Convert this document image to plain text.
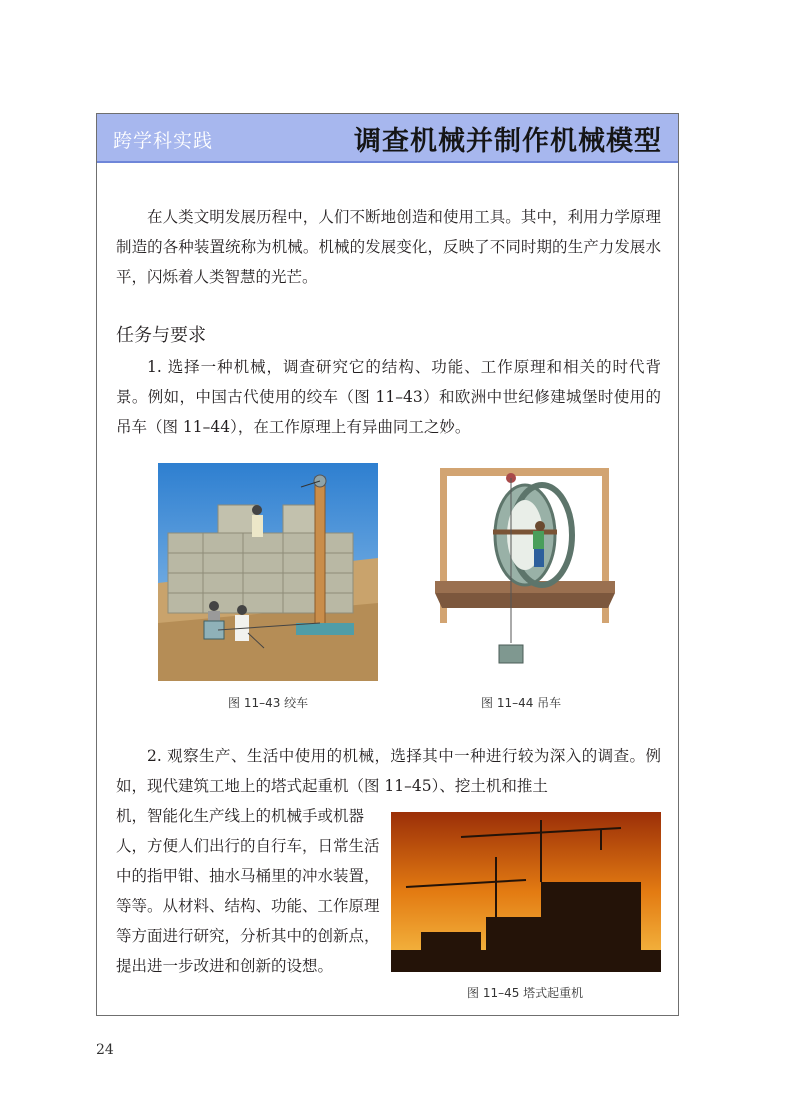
跨学科实践	调查机械并制作机械模型
在人类文明发展历程中，人们不断地创造和使用工具。其中，利用力学原理制造的各种装置统称为机械。机械的发展变化，反映了不同时期的生产力发展水平，闪烁着人类智慧的光芒。
任务与要求
1. 选择一种机械，调查研究它的结构、功能、工作原理和相关的时代背景。例如，中国古代使用的绞车（图 11–43）和欧洲中世纪修建城堡时使用的吊车（图 11–44），在工作原理上有异曲同工之妙。
图 11–43 绞车	图 11–44 吊车
2. 观察生产、生活中使用的机械，选择其中一种进行较为深入的调查。例如，现代建筑工地上的塔式起重机（图 11–45）、挖土机和推土
机，智能化生产线上的机械手或机器人，方便人们出行的自行车，日常生活中的指甲钳、抽水马桶里的冲水装置，等等。从材料、结构、功能、工作原理等方面进行研究，分析其中的创新点，提出进一步改进和创新的设想。
图 11–45 塔式起重机
24
